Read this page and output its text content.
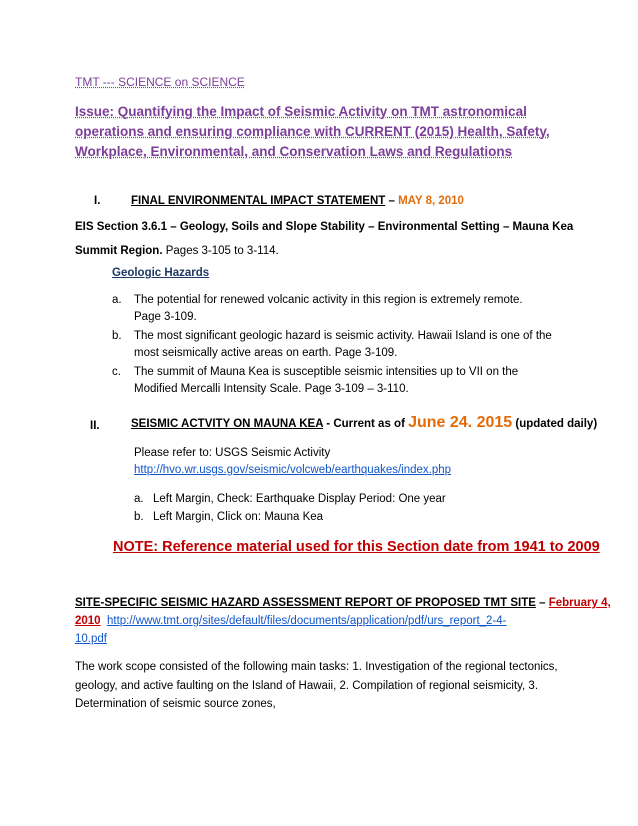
TMT --- SCIENCE on SCIENCE
Issue: Quantifying the Impact of Seismic Activity on TMT astronomical
operations and ensuring compliance with CURRENT (2015) Health, Safety,
Workplace, Environmental, and Conservation Laws and Regulations
I.	FINAL ENVIRONMENTAL IMPACT STATEMENT – MAY 8, 2010
EIS Section 3.6.1 – Geology, Soils and Slope Stability – Environmental Setting – Mauna Kea
Summit Region. Pages 3-105 to 3-114.
Geologic Hazards
a. The potential for renewed volcanic activity in this region is extremely remote.
Page 3-109.
b. The most significant geologic hazard is seismic activity. Hawaii Island is one of the
most seismically active areas on earth. Page 3-109.
c. The summit of Mauna Kea is susceptible seismic intensities up to VII on the
Modified Mercalli Intensity Scale. Page 3-109 – 3-110.
II.	SEISMIC ACTVITY ON MAUNA KEA - Current as of June 24. 2015 (updated daily)
Please refer to: USGS Seismic Activity
http://hvo.wr.usgs.gov/seismic/volcweb/earthquakes/index.php
a. Left Margin, Check: Earthquake Display Period: One year
b. Left Margin, Click on: Mauna Kea
NOTE: Reference material used for this Section date from 1941 to 2009
SITE-SPECIFIC SEISMIC HAZARD ASSESSMENT REPORT OF PROPOSED TMT SITE – February 4,
2010 http://www.tmt.org/sites/default/files/documents/application/pdf/urs_report_2-4-
10.pdf
The work scope consisted of the following main tasks: 1. Investigation of the regional tectonics,
geology, and active faulting on the Island of Hawaii, 2. Compilation of regional seismicity, 3.
Determination of seismic source zones,
